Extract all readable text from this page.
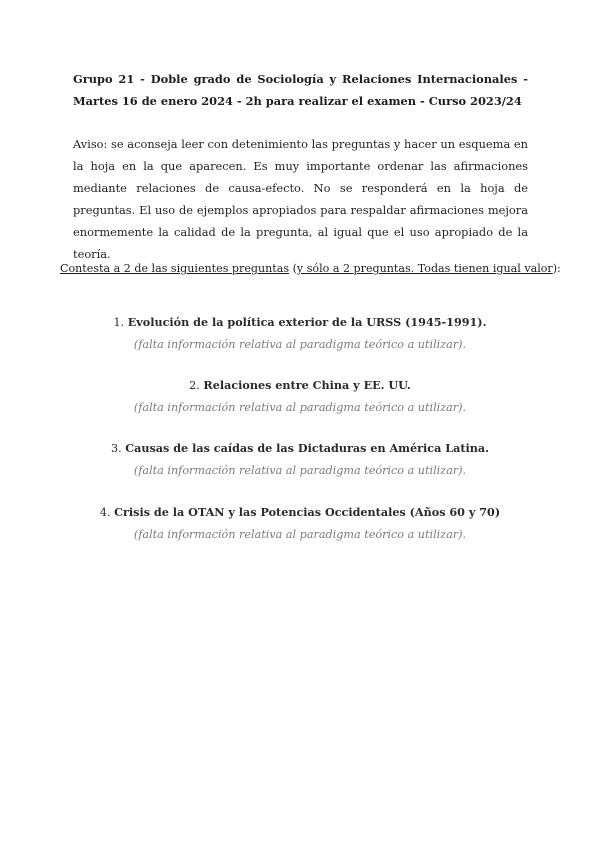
Grupo 21 - Doble grado de Sociología y Relaciones Internacionales - Martes 16 de enero 2024 - 2h para realizar el examen - Curso 2023/24
Aviso: se aconseja leer con detenimiento las preguntas y hacer un esquema en la hoja en la que aparecen. Es muy importante ordenar las afirmaciones mediante relaciones de causa-efecto. No se responderá en la hoja de preguntas. El uso de ejemplos apropiados para respaldar afirmaciones mejora enormemente la calidad de la pregunta, al igual que el uso apropiado de la teoría.
Contesta a 2 de las siguientes preguntas (y sólo a 2 preguntas. Todas tienen igual valor):
1. Evolución de la política exterior de la URSS (1945-1991).
(falta información relativa al paradigma teórico a utilizar).
2. Relaciones entre China y EE. UU.
(falta información relativa al paradigma teórico a utilizar).
3. Causas de las caídas de las Dictaduras en América Latina.
(falta información relativa al paradigma teórico a utilizar).
4. Crisis de la OTAN y las Potencias Occidentales (Años 60 y 70)
(falta información relativa al paradigma teórico a utilizar).
